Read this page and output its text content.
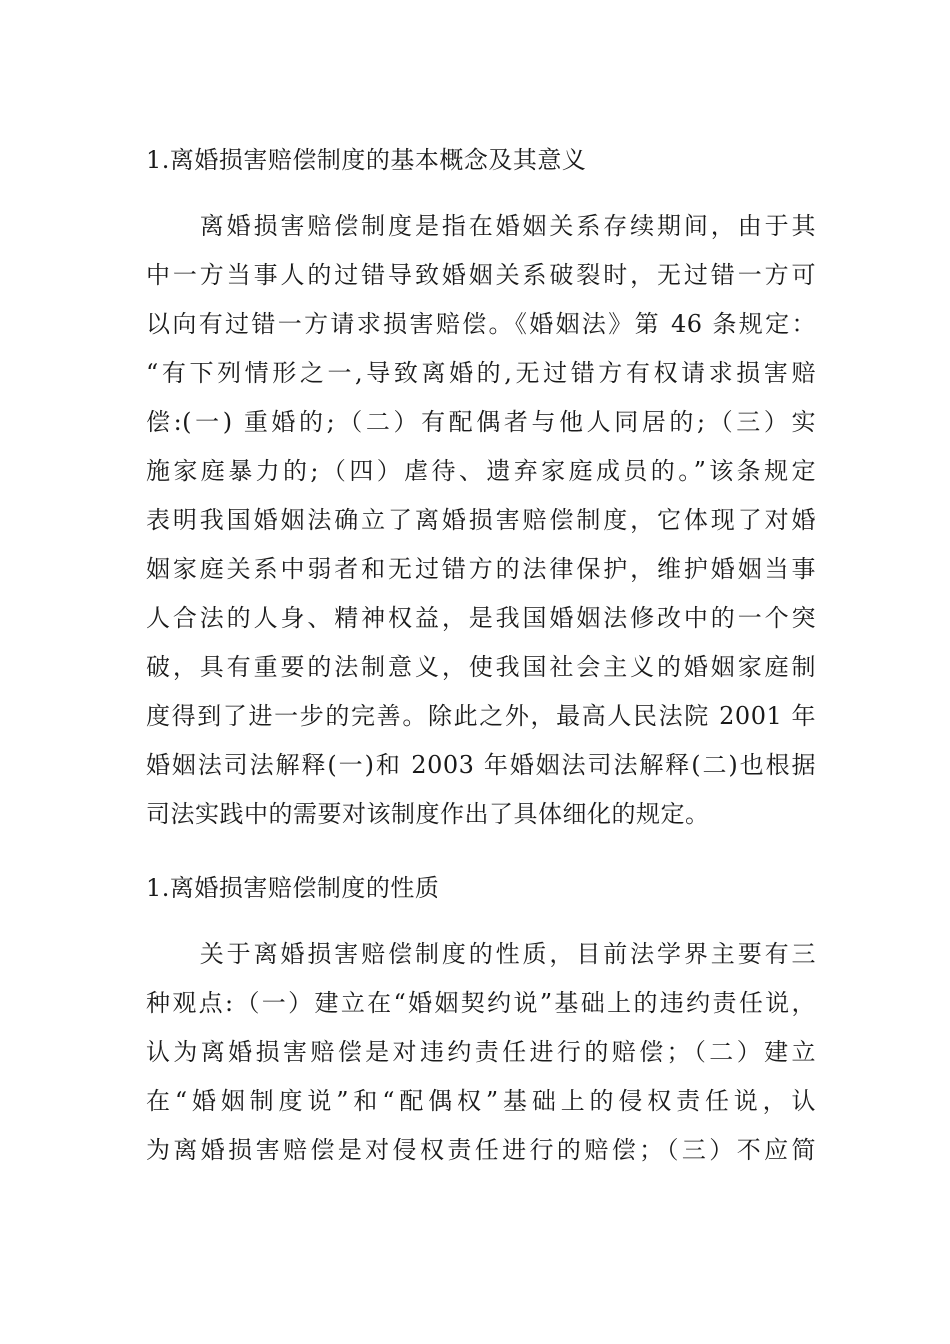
1.离婚损害赔偿制度的基本概念及其意义
　　离婚损害赔偿制度是指在婚姻关系存续期间，由于其
中一方当事人的过错导致婚姻关系破裂时，无过错一方可
以向有过错一方请求损害赔偿。《婚姻法》第 46 条规定：
“有下列情形之一,导致离婚的,无过错方有权请求损害赔
偿:(一) 重婚的;（二）有配偶者与他人同居的;（三）实
施家庭暴力的;（四）虐待、遗弃家庭成员的。”该条规定
表明我国婚姻法确立了离婚损害赔偿制度，它体现了对婚
姻家庭关系中弱者和无过错方的法律保护，维护婚姻当事
人合法的人身、精神权益，是我国婚姻法修改中的一个突
破，具有重要的法制意义，使我国社会主义的婚姻家庭制
度得到了进一步的完善。除此之外，最高人民法院 2001 年
婚姻法司法解释(一)和 2003 年婚姻法司法解释(二)也根据
司法实践中的需要对该制度作出了具体细化的规定。
1.离婚损害赔偿制度的性质
　　关于离婚损害赔偿制度的性质，目前法学界主要有三
种观点:（一）建立在“婚姻契约说”基础上的违约责任说，
认为离婚损害赔偿是对违约责任进行的赔偿；（二）建立
在“婚姻制度说”和“配偶权”基础上的侵权责任说，认
为离婚损害赔偿是对侵权责任进行的赔偿；（三）不应简
